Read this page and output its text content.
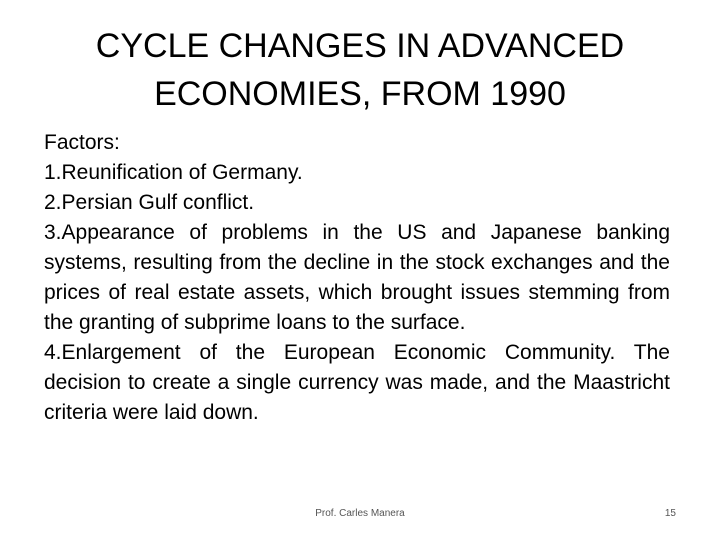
CYCLE CHANGES IN ADVANCED
ECONOMIES, FROM 1990
Factors:
1.Reunification of Germany.
2.Persian Gulf conflict.
3.Appearance of problems in the US and Japanese banking systems, resulting from the decline in the stock exchanges and the prices of real estate assets, which brought issues stemming from the granting of subprime loans to the surface.
4.Enlargement of the European Economic Community. The decision to create a single currency was made, and the Maastricht criteria were laid down.
Prof. Carles Manera	15
